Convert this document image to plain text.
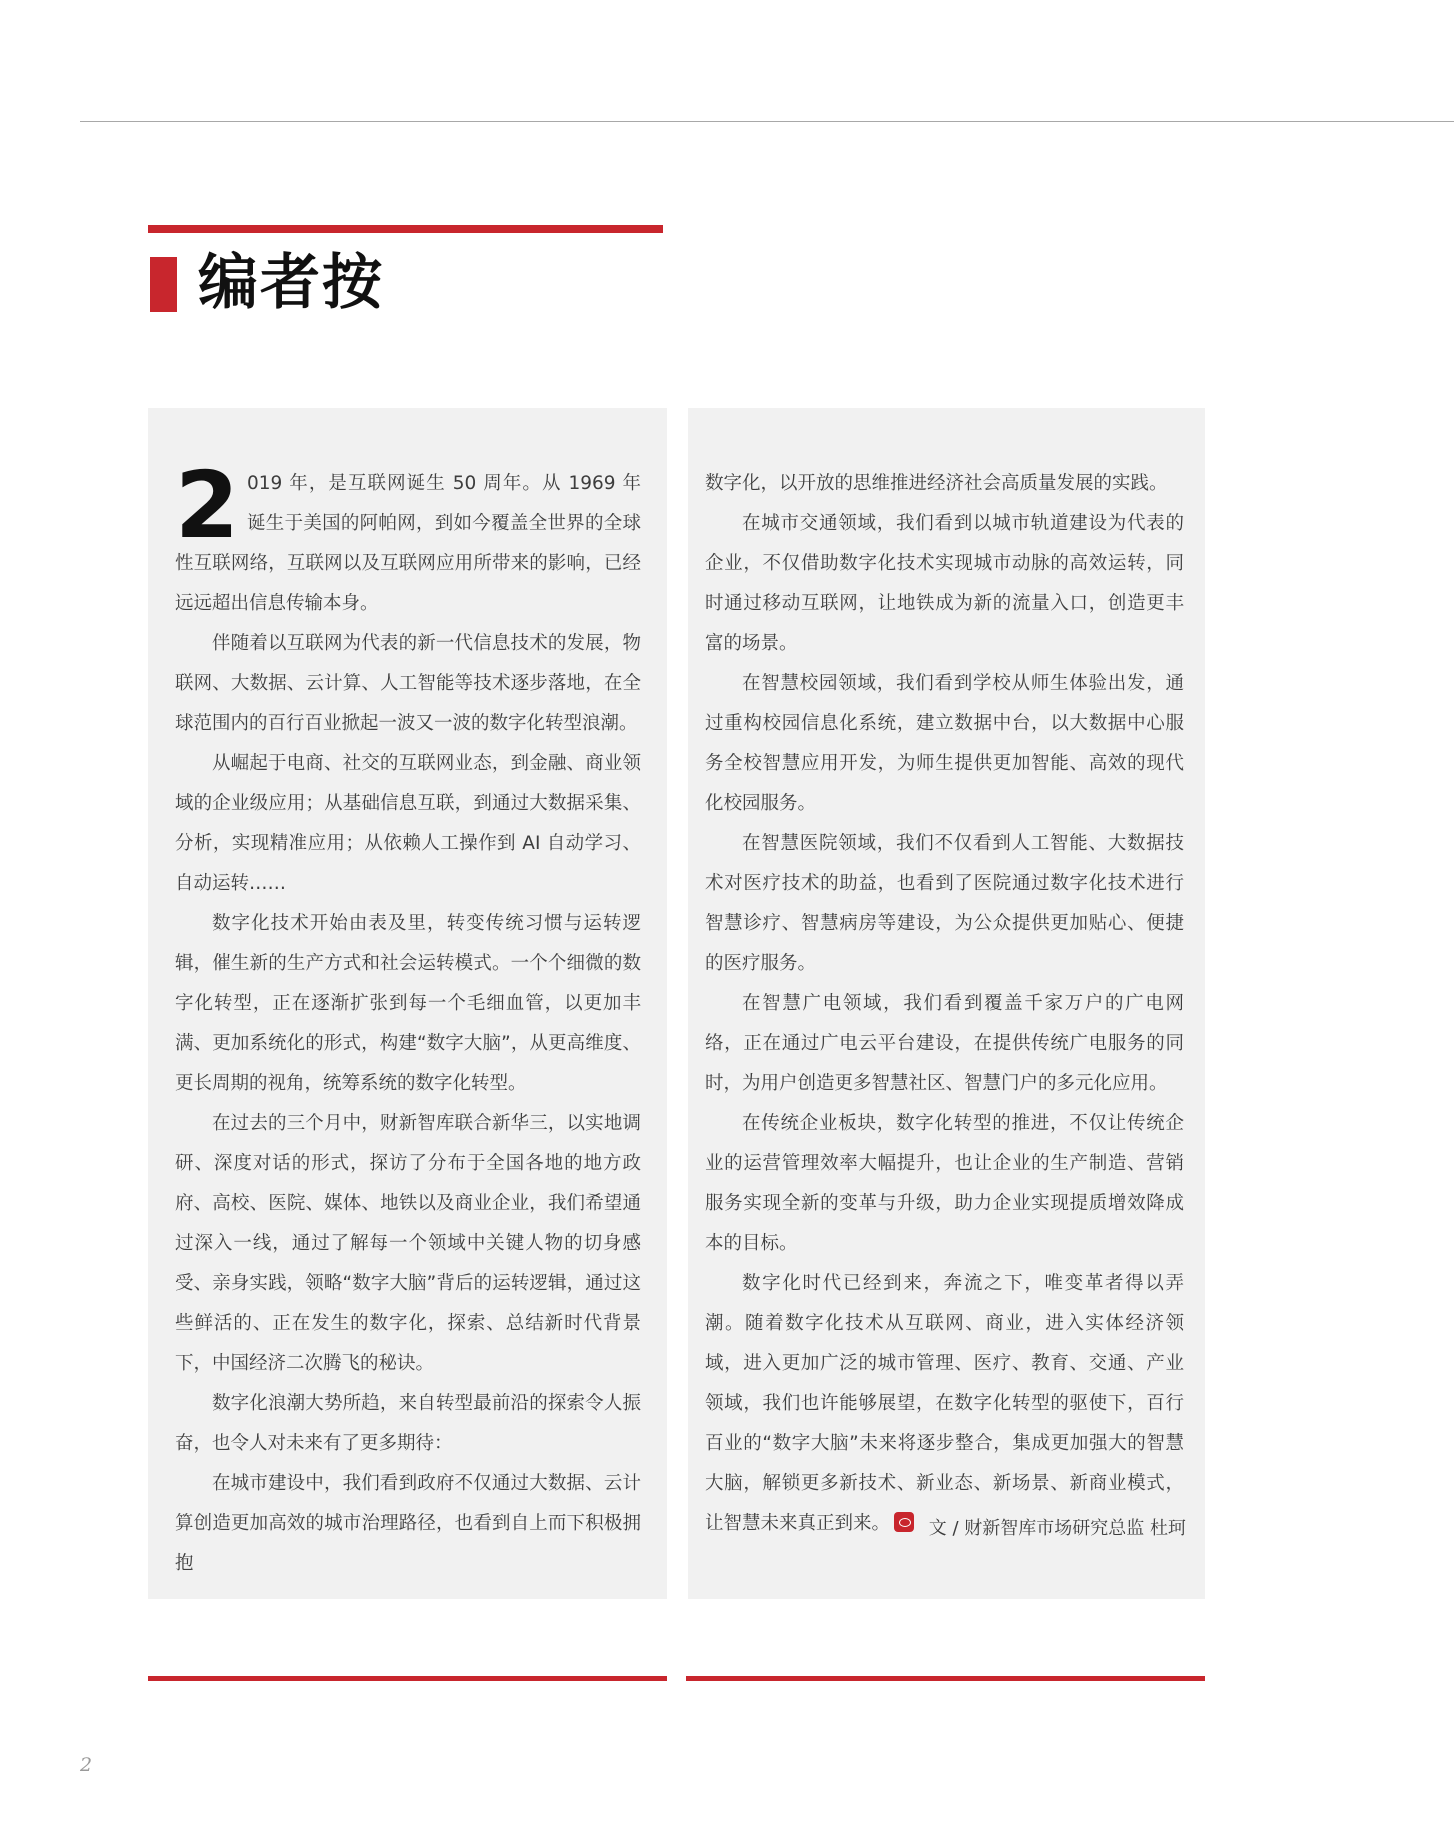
编者按

2 019 年，是互联网诞生 50 周年。从 1969 年诞生于美国的阿帕网，到如今覆盖全世界的全球性互联网络，互联网以及互联网应用所带来的影响，已经远远超出信息传输本身。

伴随着以互联网为代表的新一代信息技术的发展，物联网、大数据、云计算、人工智能等技术逐步落地，在全球范围内的百行百业掀起一波又一波的数字化转型浪潮。

从崛起于电商、社交的互联网业态，到金融、商业领域的企业级应用；从基础信息互联，到通过大数据采集、分析，实现精准应用；从依赖人工操作到 AI 自动学习、自动运转……

数字化技术开始由表及里，转变传统习惯与运转逻辑，催生新的生产方式和社会运转模式。一个个细微的数字化转型，正在逐渐扩张到每一个毛细血管，以更加丰满、更加系统化的形式，构建“数字大脑”，从更高维度、更长周期的视角，统筹系统的数字化转型。

在过去的三个月中，财新智库联合新华三，以实地调研、深度对话的形式，探访了分布于全国各地的地方政府、高校、医院、媒体、地铁以及商业企业，我们希望通过深入一线，通过了解每一个领域中关键人物的切身感受、亲身实践，领略“数字大脑”背后的运转逻辑，通过这些鲜活的、正在发生的数字化，探索、总结新时代背景下，中国经济二次腾飞的秘诀。

数字化浪潮大势所趋，来自转型最前沿的探索令人振奋，也令人对未来有了更多期待：

在城市建设中，我们看到政府不仅通过大数据、云计算创造更加高效的城市治理路径，也看到自上而下积极拥抱

数字化，以开放的思维推进经济社会高质量发展的实践。

在城市交通领域，我们看到以城市轨道建设为代表的企业，不仅借助数字化技术实现城市动脉的高效运转，同时通过移动互联网，让地铁成为新的流量入口，创造更丰富的场景。

在智慧校园领域，我们看到学校从师生体验出发，通过重构校园信息化系统，建立数据中台，以大数据中心服务全校智慧应用开发，为师生提供更加智能、高效的现代化校园服务。

在智慧医院领域，我们不仅看到人工智能、大数据技术对医疗技术的助益，也看到了医院通过数字化技术进行智慧诊疗、智慧病房等建设，为公众提供更加贴心、便捷的医疗服务。

在智慧广电领域，我们看到覆盖千家万户的广电网络，正在通过广电云平台建设，在提供传统广电服务的同时，为用户创造更多智慧社区、智慧门户的多元化应用。

在传统企业板块，数字化转型的推进，不仅让传统企业的运营管理效率大幅提升，也让企业的生产制造、营销服务实现全新的变革与升级，助力企业实现提质增效降成本的目标。

数字化时代已经到来，奔流之下，唯变革者得以弄潮。随着数字化技术从互联网、商业，进入实体经济领域，进入更加广泛的城市管理、医疗、教育、交通、产业领域，我们也许能够展望，在数字化转型的驱使下，百行百业的“数字大脑”未来将逐步整合，集成更加强大的智慧大脑，解锁更多新技术、新业态、新场景、新商业模式，让智慧未来真正到来。	文 / 财新智库市场研究总监 杜珂

2
